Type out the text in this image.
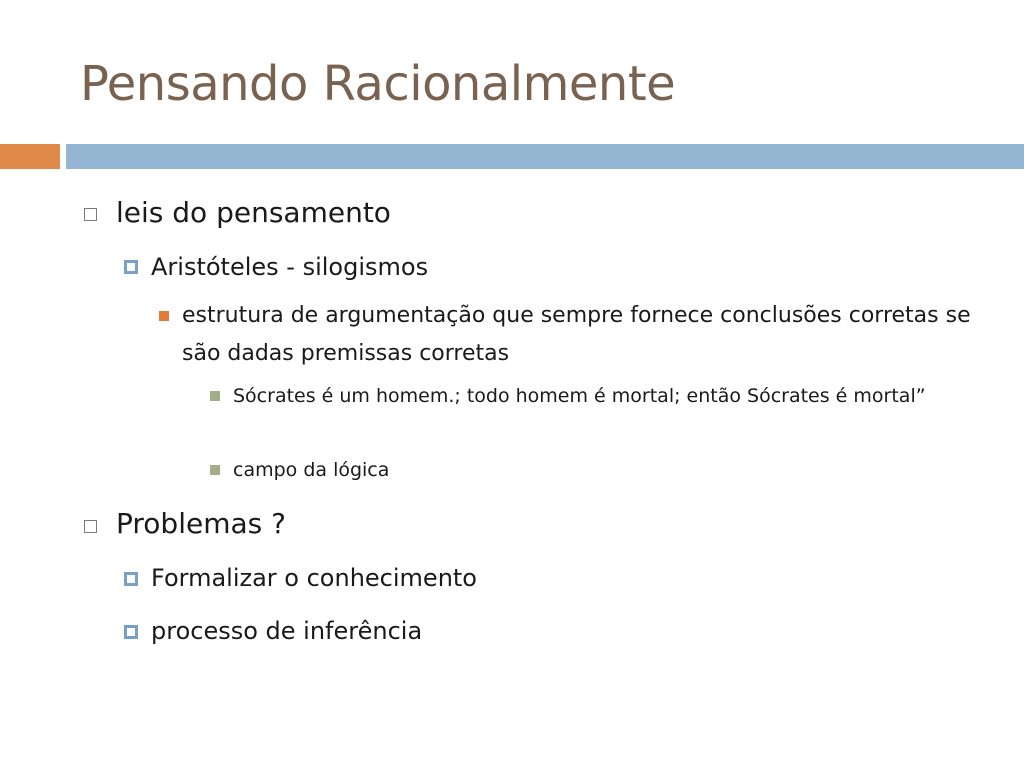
Pensando Racionalmente
leis do pensamento
Aristóteles - silogismos
estrutura de argumentação que sempre fornece conclusões corretas se são dadas premissas corretas
Sócrates é um homem.; todo homem é mortal; então Sócrates é mortal”
campo da lógica
Problemas ?
Formalizar o conhecimento
processo de inferência
